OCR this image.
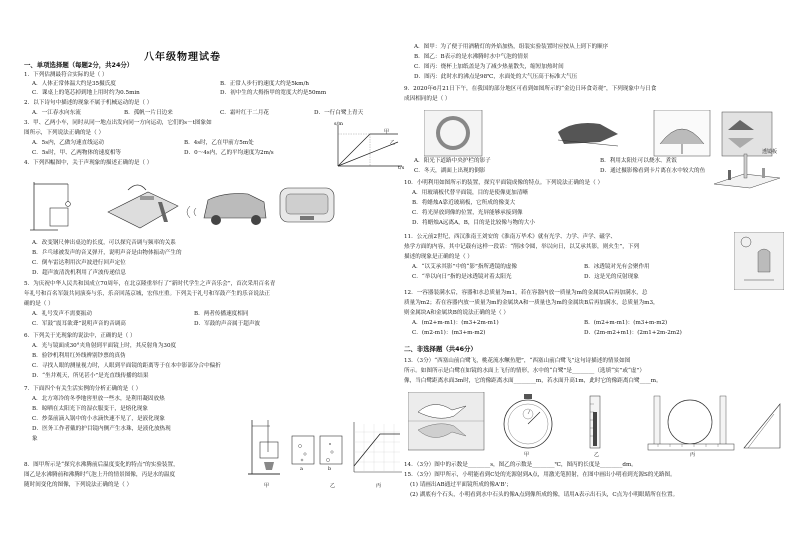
八年级物理试卷
一、单项选择题（每题2分，共24分）
1．下列估测最符合实际的是（ ）
A．人体正常体温大约是35摄氏度	B．正常人步行的速度大约是5km/h
C．课桌上的笔芯掉到地上用时约为0.5min	D．初中生的大拇指甲的宽度大约是50mm
2．以下诗句中描述的现象不属于机械运动的是（ ）
A．一江春水向东流	B．孤帆一片日边来	C．霜叶红于二月花	D．一行白鹭上青天
3．甲、乙两小车，同时从同一地点出发向同一方向运动，它们的s－t图象如
图所示，下列说法正确的是（ ）
A．5s内，乙做匀速直线运动	B．4s时，乙在甲前方5m处
C．5s时，甲、乙两物体的速度相等	D．0～4s内，乙的平均速度为2m/s
s/m
t/s
甲
乙
4．下列四幅图中，关于声现象的描述正确的是（ ）
A．改变钢尺伸出桌边的长度，可以探究音调与频率的关系
B．乒乓球被发声的音叉弹开，说明声音是由物体振动产生的
C．倒车雷达利用次声波进行回声定位
D．超声波清洗机利用了声波传递信息
5．为庆祝中华人民共和国成立70周年，在北京隆重举行了“新时代学生之声音乐会”，首次采用百名青
年礼号和百名军鼓共同演奏与乐，乐音回荡京城，宏伟庄重。下列关于礼号和军鼓产生的乐音说法正
确的是（ ）
A．礼号发声不需要振动	B．两者传播速度相同
C．军鼓“震耳欲聋”说明声音的音调高	D．军鼓的声音属于超声波
6．下列关于光现象的说法中，正确的是（ ）
A．光与镜面成30°夹角射到平面镜上时，其反射角为30度
B．验钞机利用红外线辨别钞票的真伪
C．寻找人眼的测量视力时，人眼到平面镜的距离等于在本中影部分合中偏折
D．“坐井观天，所见甚小”是光直线传播的结果
7．下面四个有关生活实例的分析正确的是（ ）
A．北方寒冷的冬季地窖里放一些水，是利用凝固放热
B．晾晒在太阳光下的湿衣服变干，是熔化现象
C．炒菜前滴入锅中的小水滴快速不见了，是液化现象
D．医务工作者戴的护目镜内侧产生水珠，是液化放热现
象
8．图甲所示是“探究水沸腾前后温度变化的特点”的实验装置，
图乙是水沸腾前和沸腾时气泡上升的情景图像，丙是水的温度
随时间变化的图像，下列说法正确的是（ ）	甲	乙	丙
a	b
A．图甲：为了便于用酒精灯的外焰加热，组装实验装置时应按从上到下的顺序
B．图乙：B表示的是水沸腾时水中气泡的情景
C．图丙：烧杯上加纸盖是为了减少热量散失，缩短加热时间
D．图丙：此时水的沸点是98℃，水面处的大气压高于标准大气压
9．2020年6月21日下午，在我国的部分地区可看到如图所示的“金边日环食奇观”，下列现象中与日食
成因相同的是（ ）
A．阳光下道路中央护栏的影子	B．利用太阳灶可以烧水、煮饭
C．冬天，湖面上出现的倒影	D．通过摄影像看到卡片离在水中较大的鱼
10．小明利用如图所示的装置，探究平面镜成像的特点。下列说法正确的是（ ）
A．用玻璃板代替平面镜，目的是使像更加清晰
B．将蜡烛A靠近玻璃板，它所成的像变大
C．将光屏放到像的位置，光屏能够承接到像
D．将蜡烛A远离A，B，目的是比较像与物的大小
透镜板
11．公元前2世纪，西汉淮南王刘安的《淮南万毕术》就有光学、力学、声学、磁学、
热学方面的内容，其中记载有这样一段话：“削冰令圆，举以向日，以艾承其影，则火生”，下列
描述的现象是正确的是（ ）
A．“以艾承其影”中的“影”指所透镜的虚像	B．冰透镜对光有会聚作用
C．“举以向日”指的是冰透镜对着太阳光	D．这是光的反射现象
12．一容器装满水后，容器和水总质量为m1，若在容器内放一质量为m的金属块A后再加满水，总
质量为m2；若在容器内放一质量为m的金属块A和一质量也为m的金属块B后再加满水，总质量为m3，
则金属块A和金属块B的说法正确的是（ ）
A．(m2+m-m1)：(m3+2m-m1)	B．(m2+m-m1)：(m3+m-m2)
C．(m2-m1)：(m3+m-m2)	D．(2m-m2+m1)：(2m1+2m-2m2)
二、非选择题（共46分）
13．（3分）“西塞山前白鹭飞，桃花流水鳜鱼肥”，“西塞山前白鹭飞”这句诗描述的情景如图
所示。如图所示是白鹭在如镜的水面上飞行的情形，水中的“白鹭”是________（选填“实”或“虚”）
像，当白鹭距离水面3m时，它的像距离水面________m，若水面升高1m，此时它的像距离白鹭____m。
甲	乙	丙
14．（3分）图中的示数是________s，图乙的示数是________℃，图丙的长度是________dm。
15．（3分）图甲所示，小明能看到C处的光源射到A点，用激光笔照射，在图中画出小明看到光源S的光路图。
(1) 请画出AB通过平面镜所成的像A'B'；
(2) 湖底有个石头，小明看到水中石头的像A点到像所成的像，请用A表示出石头，C点为小明眼睛所在位置。
